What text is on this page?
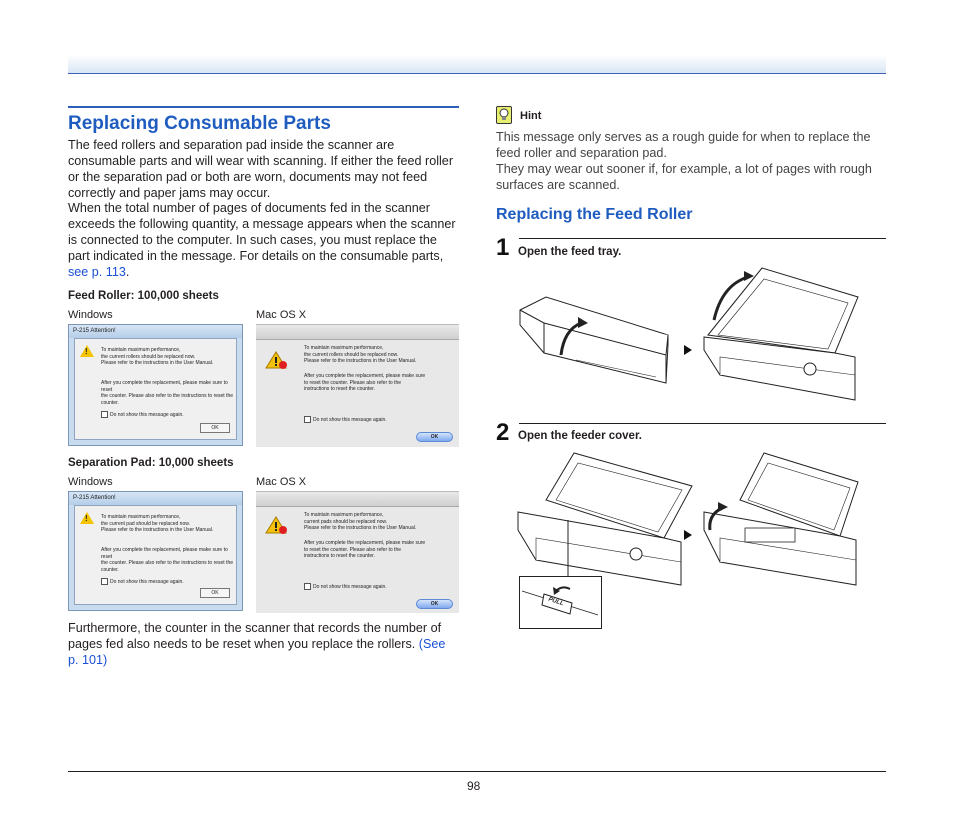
Replacing Consumable Parts
The feed rollers and separation pad inside the scanner are consumable parts and will wear with scanning. If either the feed roller or the separation pad or both are worn, documents may not feed correctly and paper jams may occur.
When the total number of pages of documents fed in the scanner
exceeds the following quantity, a message appears when the scanner
is connected to the computer. In such cases, you must replace the
part indicated in the message. For details on the consumable parts,
see p. 113.
Feed Roller: 100,000 sheets
Windows	Mac OS X
P-215 Attention!
!	To maintain maximum performance,
the current rollers should be replaced now.
Please refer to the instructions in the User Manual.
After you complete the replacement, please make sure to reset
the counter. Please also refer to the instructions to reset the
counter.
Do not show this message again.
OK
To maintain maximum performance,
the current rollers should be replaced now.
Please refer to the instructions in the User Manual.
After you complete the replacement, please make sure
to reset the counter. Please also refer to the
instructions to reset the counter.
Do not show this message again.
OK
Separation Pad: 10,000 sheets
Windows	Mac OS X
P-215 Attention!
!	To maintain maximum performance,
the current pad should be replaced now.
Please refer to the instructions in the User Manual.
After you complete the replacement, please make sure to reset
the counter. Please also refer to the instructions to reset the
counter.
Do not show this message again.
OK
To maintain maximum performance,
current pads should be replaced now.
Please refer to the instructions in the User Manual.
After you complete the replacement, please make sure
to reset the counter. Please also refer to the
instructions to reset the counter.
Do not show this message again.
OK
Furthermore, the counter in the scanner that records the number of
pages fed also needs to be reset when you replace the rollers. (See
p. 101)
Hint
This message only serves as a rough guide for when to replace the
feed roller and separation pad.
They may wear out sooner if, for example, a lot of pages with rough
surfaces are scanned.
Replacing the Feed Roller
1 Open the feed tray.
2 Open the feeder cover.
PULL
98
